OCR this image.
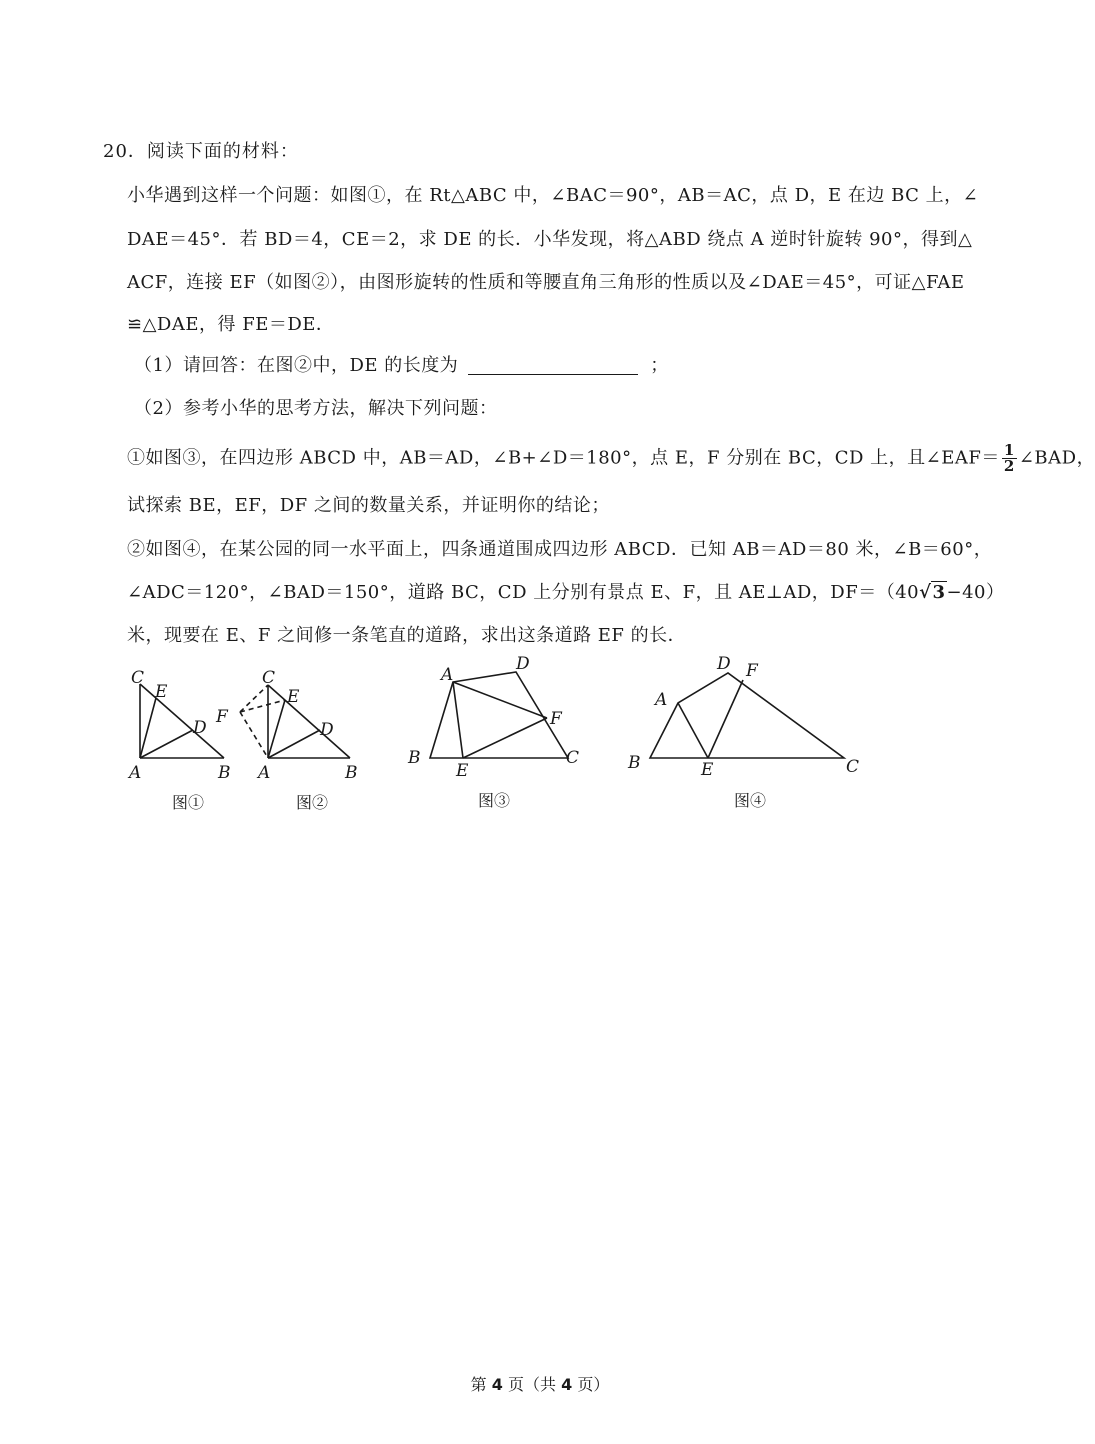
20．阅读下面的材料：
小华遇到这样一个问题：如图①，在 Rt△ABC 中，∠BAC＝90°，AB＝AC，点 D，E 在边 BC 上，∠
DAE＝45°．若 BD＝4，CE＝2，求 DE 的长．小华发现，将△ABD 绕点 A 逆时针旋转 90°，得到△
ACF，连接 EF（如图②），由图形旋转的性质和等腰直角三角形的性质以及∠DAE＝45°，可证△FAE
≌△DAE，得 FE＝DE．
（1）请回答：在图②中，DE 的长度为	；
（2）参考小华的思考方法，解决下列问题：
①如图③，在四边形 ABCD 中，AB＝AD，∠B+∠D＝180°，点 E，F 分别在 BC，CD 上，且∠EAF＝ $\frac{1}{2}$ ∠BAD，
试探索 BE，EF，DF 之间的数量关系，并证明你的结论；
②如图④，在某公园的同一水平面上，四条通道围成四边形 ABCD．已知 AB＝AD＝80 米，∠B＝60°，
∠ADC＝120°，∠BAD＝150°，道路 BC，CD 上分别有景点 E、F，且 AE⊥AD，DF＝（40√3−40）
米，现要在 E、F 之间修一条笔直的道路，求出这条道路 EF 的长．
C
E
D
A	B
图①
C
E
F
D
A	B
图②
A
D
F
B
E
C
图③
A
D F
B	E	C
图④
第 4 页（共 4 页）
